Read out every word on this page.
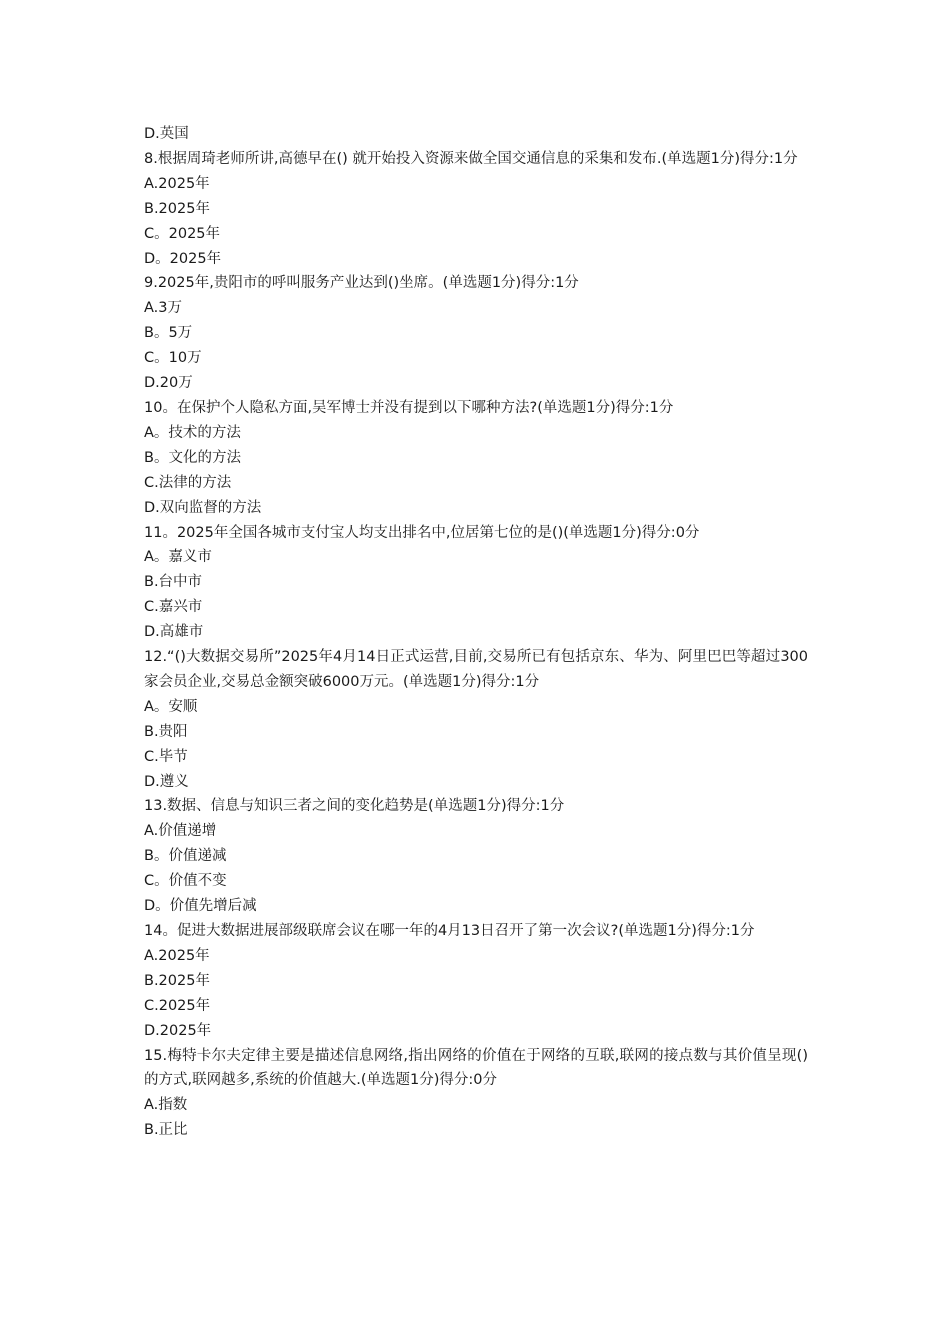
D.英国

8.根据周琦老师所讲,高德早在() 就开始投入资源来做全国交通信息的采集和发布.(单选题1分)得分:1分

A.2025年

B.2025年

C。2025年

D。2025年

9.2025年,贵阳市的呼叫服务产业达到()坐席。(单选题1分)得分:1分

A.3万

B。5万

C。10万

D.20万

10。在保护个人隐私方面,吴军博士并没有提到以下哪种方法?(单选题1分)得分:1分

A。技术的方法

B。文化的方法

C.法律的方法

D.双向监督的方法

11。2025年全国各城市支付宝人均支出排名中,位居第七位的是()(单选题1分)得分:0分

A。嘉义市

B.台中市

C.嘉兴市

D.高雄市

12.“()大数据交易所”2025年4月14日正式运营,目前,交易所已有包括京东、华为、阿里巴巴等超过300家会员企业,交易总金额突破6000万元。(单选题1分)得分:1分

A。安顺

B.贵阳

C.毕节

D.遵义

13.数据、信息与知识三者之间的变化趋势是(单选题1分)得分:1分

A.价值递增

B。价值递减

C。价值不变

D。价值先增后减

14。促进大数据进展部级联席会议在哪一年的4月13日召开了第一次会议?(单选题1分)得分:1分

A.2025年

B.2025年

C.2025年

D.2025年

15.梅特卡尔夫定律主要是描述信息网络,指出网络的价值在于网络的互联,联网的接点数与其价值呈现()的方式,联网越多,系统的价值越大.(单选题1分)得分:0分

A.指数

B.正比
